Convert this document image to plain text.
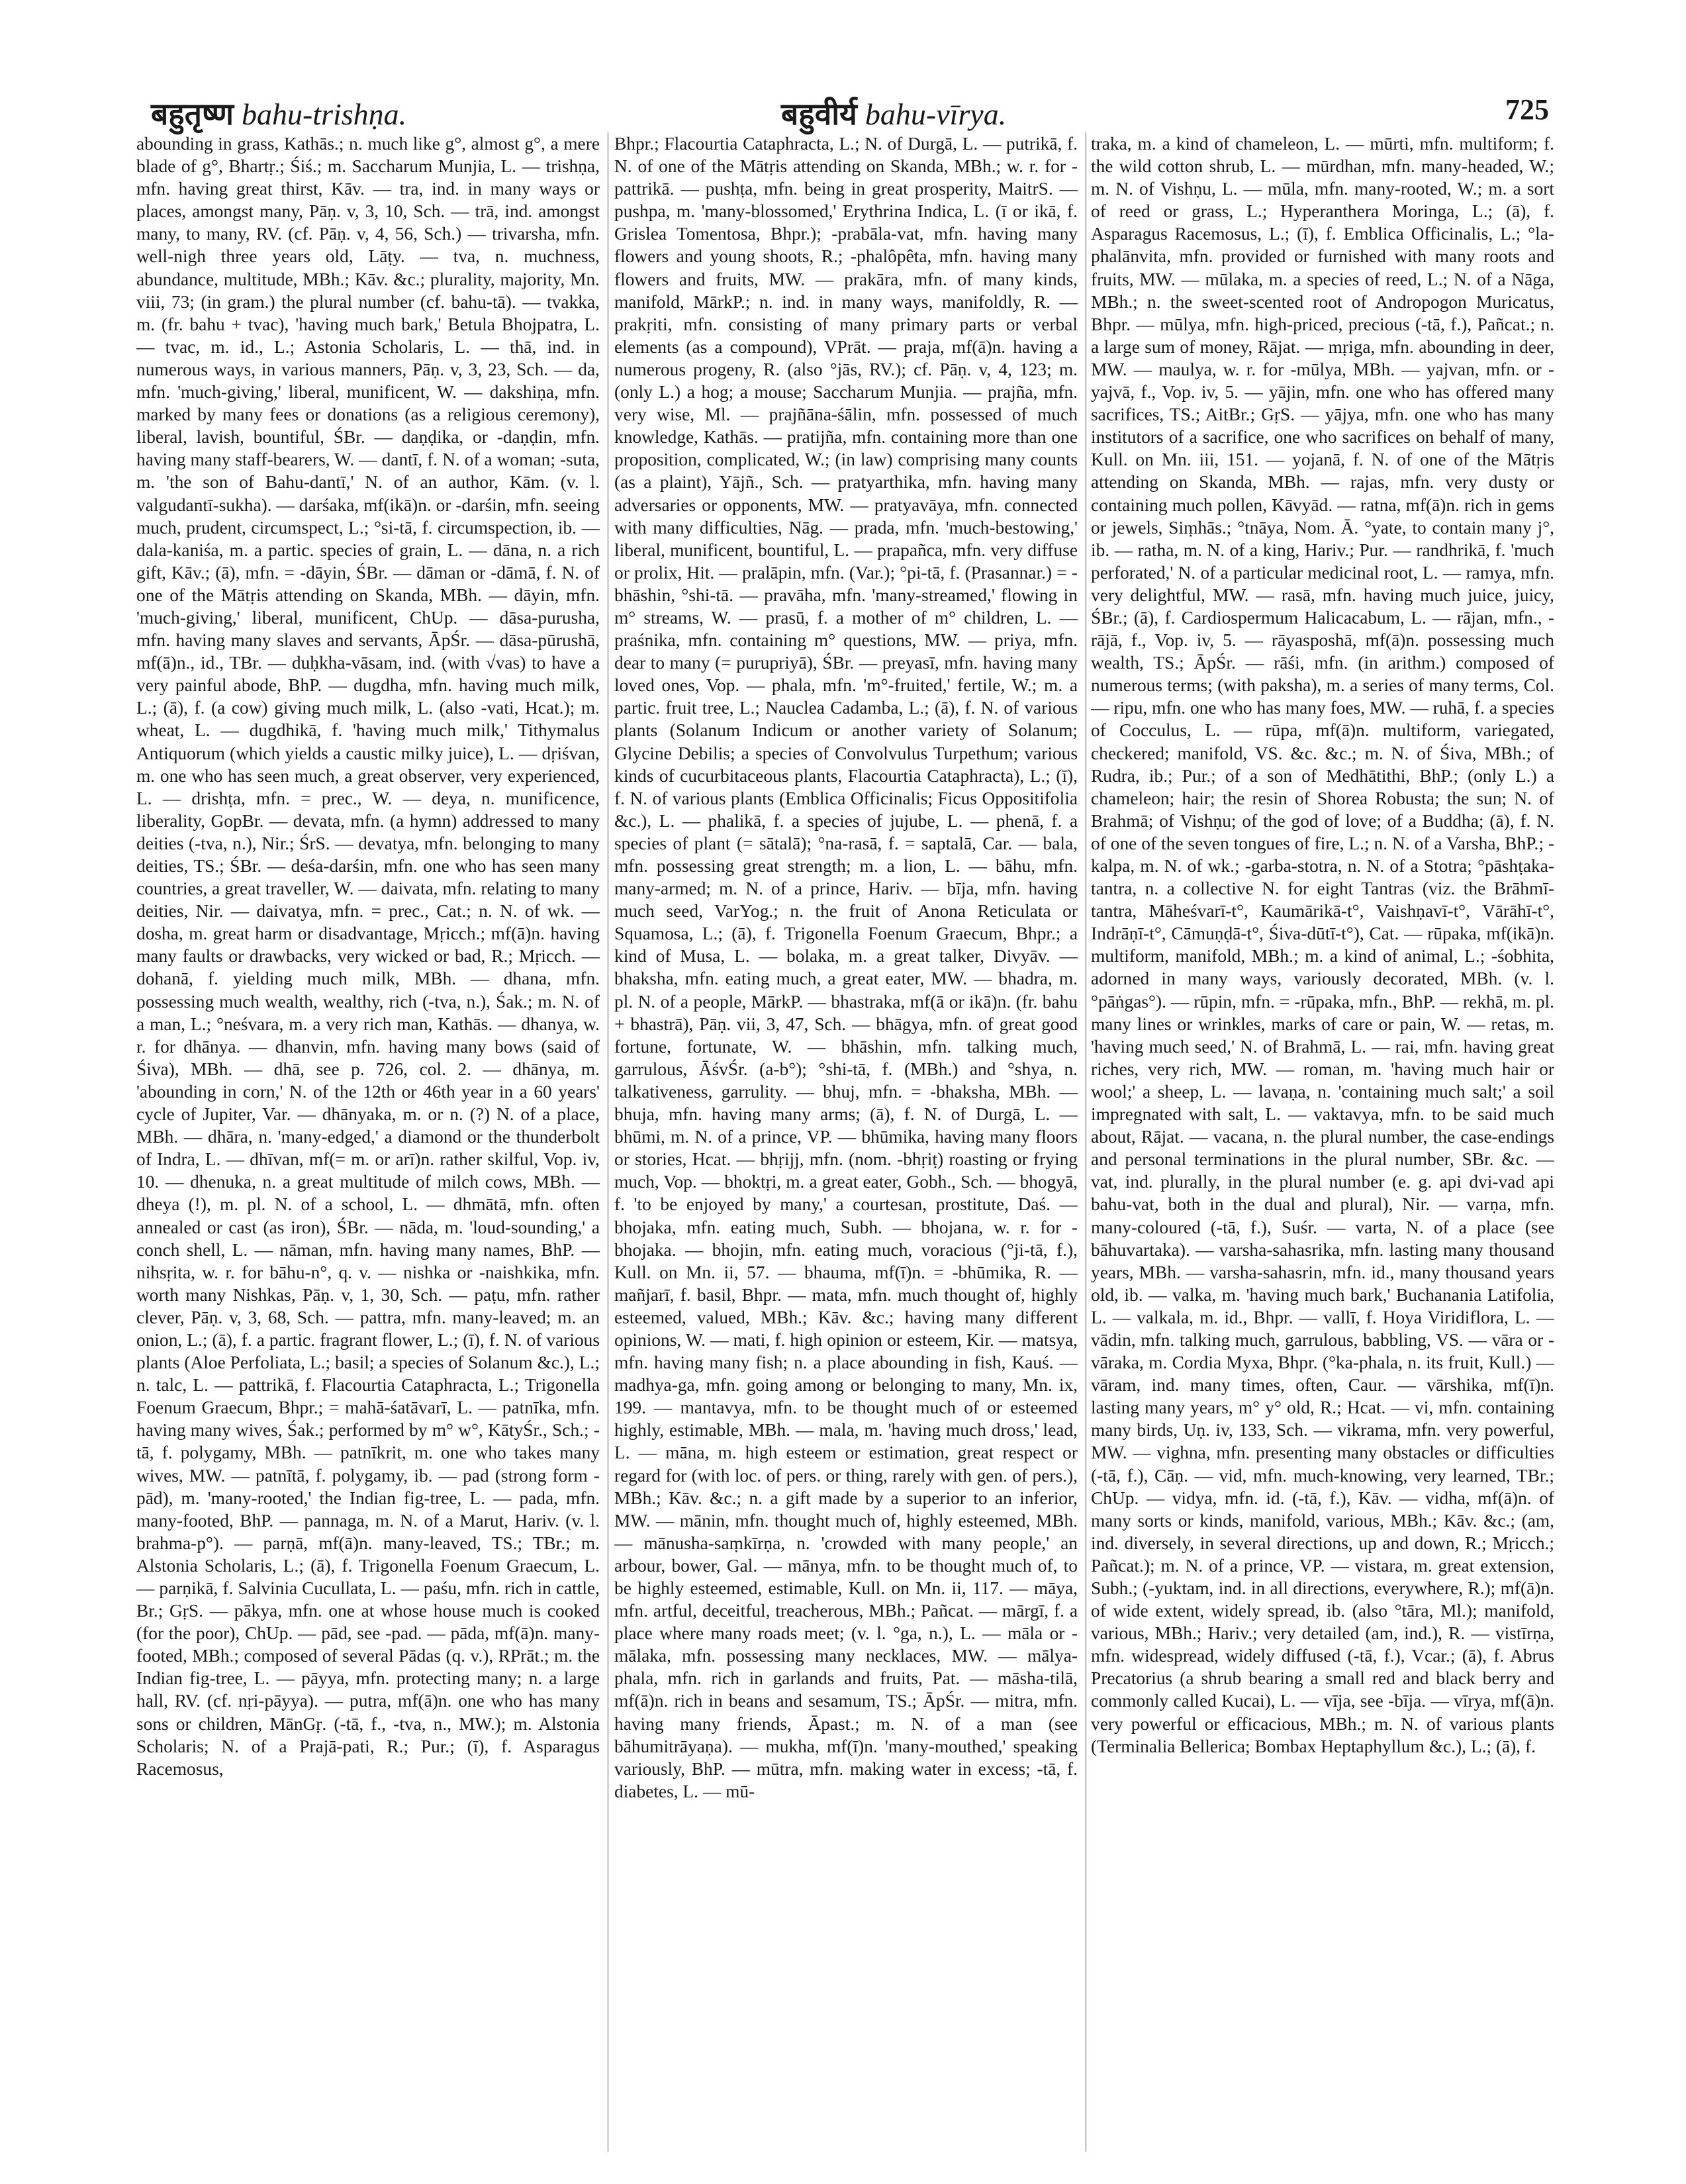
बहुतृष्ण bahu-trishṇa.	बहुवीर्य bahu-vīrya.	725

abounding in grass, Kathās.; n. much like g°, almost g°, a mere blade of g°, Bhartṛ.; Śiś.; m. Saccharum Munjia, L. — trishṇa, mfn. having great thirst, Kāv. — tra, ind. in many ways or places, amongst many, Pāṇ. v, 3, 10, Sch. — trā, ind. amongst many, to many, RV. (cf. Pāṇ. v, 4, 56, Sch.) — trivarsha, mfn. well-nigh three years old, Lāṭy. — tva, n. muchness, abundance, multitude, MBh.; Kāv. &c.; plurality, majority, Mn. viii, 73; (in gram.) the plural number (cf. bahu-tā). — tvakka, m. (fr. bahu + tvac), 'having much bark,' Betula Bhojpatra, L. — tvac, m. id., L.; Astonia Scholaris, L. — thā, ind. in numerous ways, in various manners, Pāṇ. v, 3, 23, Sch. — da, mfn. 'much-giving,' liberal, munificent, W. — dakshiṇa, mfn. marked by many fees or donations (as a religious ceremony), liberal, lavish, bountiful, ŚBr. — daṇḍika, or -daṇḍin, mfn. having many staff-bearers, W. — dantī, f. N. of a woman; -suta, m. 'the son of Bahu-dantī,' N. of an author, Kām. (v. l. valgudantī-sukha). — darśaka, mf(ikā)n. or -darśin, mfn. seeing much, prudent, circumspect, L.; °si-tā, f. circumspection, ib. — dala-kaniśa, m. a partic. species of grain, L. — dāna, n. a rich gift, Kāv.; (ā), mfn. = -dāyin, ŚBr. — dāman or -dāmā, f. N. of one of the Mātṛis attending on Skanda, MBh. — dāyin, mfn. 'much-giving,' liberal, munificent, ChUp. — dāsa-purusha, mfn. having many slaves and servants, ĀpŚr. — dāsa-pūrushā, mf(ā)n., id., TBr. — duḥkha-vāsam, ind. (with √vas) to have a very painful abode, BhP. — dugdha, mfn. having much milk, L.; (ā), f. (a cow) giving much milk, L. (also -vati, Hcat.); m. wheat, L. — dugdhikā, f. 'having much milk,' Tithymalus Antiquorum (which yields a caustic milky juice), L. — dṛiśvan, m. one who has seen much, a great observer, very experienced, L. — drishṭa, mfn. = prec., W. — deya, n. munificence, liberality, GopBr. — devata, mfn. (a hymn) addressed to many deities (-tva, n.), Nir.; ŚrS. — devatya, mfn. belonging to many deities, TS.; ŚBr. — deśa-darśin, mfn. one who has seen many countries, a great traveller, W. — daivata, mfn. relating to many deities, Nir. — daivatya, mfn. = prec., Cat.; n. N. of wk. — dosha, m. great harm or disadvantage, Mṛicch.; mf(ā)n. having many faults or drawbacks, very wicked or bad, R.; Mṛicch. — dohanā, f. yielding much milk, MBh. — dhana, mfn. possessing much wealth, wealthy, rich (-tva, n.), Śak.; m. N. of a man, L.; °neśvara, m. a very rich man, Kathās. — dhanya, w. r. for dhānya. — dhanvin, mfn. having many bows (said of Śiva), MBh. — dhā, see p. 726, col. 2. — dhānya, m. 'abounding in corn,' N. of the 12th or 46th year in a 60 years' cycle of Jupiter, Var. — dhānyaka, m. or n. (?) N. of a place, MBh. — dhāra, n. 'many-edged,' a diamond or the thunderbolt of Indra, L. — dhīvan, mf(= m. or arī)n. rather skilful, Vop. iv, 10. — dhenuka, n. a great multitude of milch cows, MBh. — dheya (!), m. pl. N. of a school, L. — dhmātā, mfn. often annealed or cast (as iron), ŚBr. — nāda, m. 'loud-sounding,' a conch shell, L. — nāman, mfn. having many names, BhP. — nihsṛita, w. r. for bāhu-n°, q. v. — nishka or -naishkika, mfn. worth many Nishkas, Pāṇ. v, 1, 30, Sch. — paṭu, mfn. rather clever, Pāṇ. v, 3, 68, Sch. — pattra, mfn. many-leaved; m. an onion, L.; (ā), f. a partic. fragrant flower, L.; (ī), f. N. of various plants (Aloe Perfoliata, L.; basil; a species of Solanum &c.), L.; n. talc, L. — pattrikā, f. Flacourtia Cataphracta, L.; Trigonella Foenum Graecum, Bhpr.; = mahā-śatāvarī, L. — patnīka, mfn. having many wives, Śak.; performed by m° w°, KātyŚr., Sch.; -tā, f. polygamy, MBh. — patnīkrit, m. one who takes many wives, MW. — patnītā, f. polygamy, ib. — pad (strong form -pād), m. 'many-rooted,' the Indian fig-tree, L. — pada, mfn. many-footed, BhP. — pannaga, m. N. of a Marut, Hariv. (v. l. brahma-p°). — parṇā, mf(ā)n. many-leaved, TS.; TBr.; m. Alstonia Scholaris, L.; (ā), f. Trigonella Foenum Graecum, L. — parṇikā, f. Salvinia Cucullata, L. — paśu, mfn. rich in cattle, Br.; GṛS. — pākya, mfn. one at whose house much is cooked (for the poor), ChUp. — pād, see -pad. — pāda, mf(ā)n. many-footed, MBh.; composed of several Pādas (q. v.), RPrāt.; m. the Indian fig-tree, L. — pāyya, mfn. protecting many; n. a large hall, RV. (cf. nṛi-pāyya). — putra, mf(ā)n. one who has many sons or children, MānGṛ. (-tā, f., -tva, n., MW.); m. Alstonia Scholaris; N. of a Prajā-pati, R.; Pur.; (ī), f. Asparagus Racemosus,

Bhpr.; Flacourtia Cataphracta, L.; N. of Durgā, L. — putrikā, f. N. of one of the Mātṛis attending on Skanda, MBh.; w. r. for -pattrikā. — pushṭa, mfn. being in great prosperity, MaitrS. — pushpa, m. 'many-blossomed,' Erythrina Indica, L. (ī or ikā, f. Grislea Tomentosa, Bhpr.); -prabāla-vat, mfn. having many flowers and young shoots, R.; -phalôpêta, mfn. having many flowers and fruits, MW. — prakāra, mfn. of many kinds, manifold, MārkP.; n. ind. in many ways, manifoldly, R. — prakṛiti, mfn. consisting of many primary parts or verbal elements (as a compound), VPrāt. — praja, mf(ā)n. having a numerous progeny, R. (also °jās, RV.); cf. Pāṇ. v, 4, 123; m. (only L.) a hog; a mouse; Saccharum Munjia. — prajña, mfn. very wise, Ml. — prajñāna-śālin, mfn. possessed of much knowledge, Kathās. — pratijña, mfn. containing more than one proposition, complicated, W.; (in law) comprising many counts (as a plaint), Yājñ., Sch. — pratyarthika, mfn. having many adversaries or opponents, MW. — pratyavāya, mfn. connected with many difficulties, Nāg. — prada, mfn. 'much-bestowing,' liberal, munificent, bountiful, L. — prapañca, mfn. very diffuse or prolix, Hit. — pralāpin, mfn. (Var.); °pi-tā, f. (Prasannar.) = -bhāshin, °shi-tā. — pravāha, mfn. 'many-streamed,' flowing in m° streams, W. — prasū, f. a mother of m° children, L. — praśnika, mfn. containing m° questions, MW. — priya, mfn. dear to many (= purupriyā), ŚBr. — preyasī, mfn. having many loved ones, Vop. — phala, mfn. 'm°-fruited,' fertile, W.; m. a partic. fruit tree, L.; Nauclea Cadamba, L.; (ā), f. N. of various plants (Solanum Indicum or another variety of Solanum; Glycine Debilis; a species of Convolvulus Turpethum; various kinds of cucurbitaceous plants, Flacourtia Cataphracta), L.; (ī), f. N. of various plants (Emblica Officinalis; Ficus Oppositifolia &c.), L. — phalikā, f. a species of jujube, L. — phenā, f. a species of plant (= sātalā); °na-rasā, f. = saptalā, Car. — bala, mfn. possessing great strength; m. a lion, L. — bāhu, mfn. many-armed; m. N. of a prince, Hariv. — bīja, mfn. having much seed, VarYog.; n. the fruit of Anona Reticulata or Squamosa, L.; (ā), f. Trigonella Foenum Graecum, Bhpr.; a kind of Musa, L. — bolaka, m. a great talker, Divyāv. — bhaksha, mfn. eating much, a great eater, MW. — bhadra, m. pl. N. of a people, MārkP. — bhastraka, mf(ā or ikā)n. (fr. bahu + bhastrā), Pāṇ. vii, 3, 47, Sch. — bhāgya, mfn. of great good fortune, fortunate, W. — bhāshin, mfn. talking much, garrulous, ĀśvŚr. (a-b°); °shi-tā, f. (MBh.) and °shya, n. talkativeness, garrulity. — bhuj, mfn. = -bhaksha, MBh. — bhuja, mfn. having many arms; (ā), f. N. of Durgā, L. — bhūmi, m. N. of a prince, VP. — bhūmika, having many floors or stories, Hcat. — bhṛijj, mfn. (nom. -bhṛiṭ) roasting or frying much, Vop. — bhoktṛi, m. a great eater, Gobh., Sch. — bhogyā, f. 'to be enjoyed by many,' a courtesan, prostitute, Daś. — bhojaka, mfn. eating much, Subh. — bhojana, w. r. for -bhojaka. — bhojin, mfn. eating much, voracious (°ji-tā, f.), Kull. on Mn. ii, 57. — bhauma, mf(ī)n. = -bhūmika, R. — mañjarī, f. basil, Bhpr. — mata, mfn. much thought of, highly esteemed, valued, MBh.; Kāv. &c.; having many different opinions, W. — mati, f. high opinion or esteem, Kir. — matsya, mfn. having many fish; n. a place abounding in fish, Kauś. — madhya-ga, mfn. going among or belonging to many, Mn. ix, 199. — mantavya, mfn. to be thought much of or esteemed highly, estimable, MBh. — mala, m. 'having much dross,' lead, L. — māna, m. high esteem or estimation, great respect or regard for (with loc. of pers. or thing, rarely with gen. of pers.), MBh.; Kāv. &c.; n. a gift made by a superior to an inferior, MW. — mānin, mfn. thought much of, highly esteemed, MBh. — mānusha-saṃkīrṇa, n. 'crowded with many people,' an arbour, bower, Gal. — mānya, mfn. to be thought much of, to be highly esteemed, estimable, Kull. on Mn. ii, 117. — māya, mfn. artful, deceitful, treacherous, MBh.; Pañcat. — mārgī, f. a place where many roads meet; (v. l. °ga, n.), L. — māla or -mālaka, mfn. possessing many necklaces, MW. — mālya-phala, mfn. rich in garlands and fruits, Pat. — māsha-tilā, mf(ā)n. rich in beans and sesamum, TS.; ĀpŚr. — mitra, mfn. having many friends, Āpast.; m. N. of a man (see bāhumitrāyaṇa). — mukha, mf(ī)n. 'many-mouthed,' speaking variously, BhP. — mūtra, mfn. making water in excess; -tā, f. diabetes, L. — mū-

traka, m. a kind of chameleon, L. — mūrti, mfn. multiform; f. the wild cotton shrub, L. — mūrdhan, mfn. many-headed, W.; m. N. of Vishṇu, L. — mūla, mfn. many-rooted, W.; m. a sort of reed or grass, L.; Hyperanthera Moringa, L.; (ā), f. Asparagus Racemosus, L.; (ī), f. Emblica Officinalis, L.; °la-phalānvita, mfn. provided or furnished with many roots and fruits, MW. — mūlaka, m. a species of reed, L.; N. of a Nāga, MBh.; n. the sweet-scented root of Andropogon Muricatus, Bhpr. — mūlya, mfn. high-priced, precious (-tā, f.), Pañcat.; n. a large sum of money, Rājat. — mṛiga, mfn. abounding in deer, MW. — maulya, w. r. for -mūlya, MBh. — yajvan, mfn. or -yajvā, f., Vop. iv, 5. — yājin, mfn. one who has offered many sacrifices, TS.; AitBr.; GṛS. — yājya, mfn. one who has many institutors of a sacrifice, one who sacrifices on behalf of many, Kull. on Mn. iii, 151. — yojanā, f. N. of one of the Mātṛis attending on Skanda, MBh. — rajas, mfn. very dusty or containing much pollen, Kāvyād. — ratna, mf(ā)n. rich in gems or jewels, Siṃhās.; °tnāya, Nom. Ā. °yate, to contain many j°, ib. — ratha, m. N. of a king, Hariv.; Pur. — randhrikā, f. 'much perforated,' N. of a particular medicinal root, L. — ramya, mfn. very delightful, MW. — rasā, mfn. having much juice, juicy, ŚBr.; (ā), f. Cardiospermum Halicacabum, L. — rājan, mfn., -rājā, f., Vop. iv, 5. — rāyasposhā, mf(ā)n. possessing much wealth, TS.; ĀpŚr. — rāśi, mfn. (in arithm.) composed of numerous terms; (with paksha), m. a series of many terms, Col. — ripu, mfn. one who has many foes, MW. — ruhā, f. a species of Cocculus, L. — rūpa, mf(ā)n. multiform, variegated, checkered; manifold, VS. &c. &c.; m. N. of Śiva, MBh.; of Rudra, ib.; Pur.; of a son of Medhātithi, BhP.; (only L.) a chameleon; hair; the resin of Shorea Robusta; the sun; N. of Brahmā; of Vishṇu; of the god of love; of a Buddha; (ā), f. N. of one of the seven tongues of fire, L.; n. N. of a Varsha, BhP.; -kalpa, m. N. of wk.; -garba-stotra, n. N. of a Stotra; °pāshṭaka-tantra, n. a collective N. for eight Tantras (viz. the Brāhmī-tantra, Māheśvarī-t°, Kaumārikā-t°, Vaishṇavī-t°, Vārāhī-t°, Indrāṇī-t°, Cāmuṇḍā-t°, Śiva-dūtī-t°), Cat. — rūpaka, mf(ikā)n. multiform, manifold, MBh.; m. a kind of animal, L.; -śobhita, adorned in many ways, variously decorated, MBh. (v. l. °pāṅgas°). — rūpin, mfn. = -rūpaka, mfn., BhP. — rekhā, m. pl. many lines or wrinkles, marks of care or pain, W. — retas, m. 'having much seed,' N. of Brahmā, L. — rai, mfn. having great riches, very rich, MW. — roman, m. 'having much hair or wool;' a sheep, L. — lavaṇa, n. 'containing much salt;' a soil impregnated with salt, L. — vaktavya, mfn. to be said much about, Rājat. — vacana, n. the plural number, the case-endings and personal terminations in the plural number, SBr. &c. — vat, ind. plurally, in the plural number (e. g. api dvi-vad api bahu-vat, both in the dual and plural), Nir. — varṇa, mfn. many-coloured (-tā, f.), Suśr. — varta, N. of a place (see bāhuvartaka). — varsha-sahasrika, mfn. lasting many thousand years, MBh. — varsha-sahasrin, mfn. id., many thousand years old, ib. — valka, m. 'having much bark,' Buchanania Latifolia, L. — valkala, m. id., Bhpr. — vallī, f. Hoya Viridiflora, L. — vādin, mfn. talking much, garrulous, babbling, VS. — vāra or -vāraka, m. Cordia Myxa, Bhpr. (°ka-phala, n. its fruit, Kull.) — vāram, ind. many times, often, Caur. — vārshika, mf(ī)n. lasting many years, m° y° old, R.; Hcat. — vi, mfn. containing many birds, Uṇ. iv, 133, Sch. — vikrama, mfn. very powerful, MW. — vighna, mfn. presenting many obstacles or difficulties (-tā, f.), Cāṇ. — vid, mfn. much-knowing, very learned, TBr.; ChUp. — vidya, mfn. id. (-tā, f.), Kāv. — vidha, mf(ā)n. of many sorts or kinds, manifold, various, MBh.; Kāv. &c.; (am, ind. diversely, in several directions, up and down, R.; Mṛicch.; Pañcat.); m. N. of a prince, VP. — vistara, m. great extension, Subh.; (-yuktam, ind. in all directions, everywhere, R.); mf(ā)n. of wide extent, widely spread, ib. (also °tāra, Ml.); manifold, various, MBh.; Hariv.; very detailed (am, ind.), R. — vistīrṇa, mfn. widespread, widely diffused (-tā, f.), Vcar.; (ā), f. Abrus Precatorius (a shrub bearing a small red and black berry and commonly called Kucai), L. — vīja, see -bīja. — vīrya, mf(ā)n. very powerful or efficacious, MBh.; m. N. of various plants (Terminalia Bellerica; Bombax Heptaphyllum &c.), L.; (ā), f.
